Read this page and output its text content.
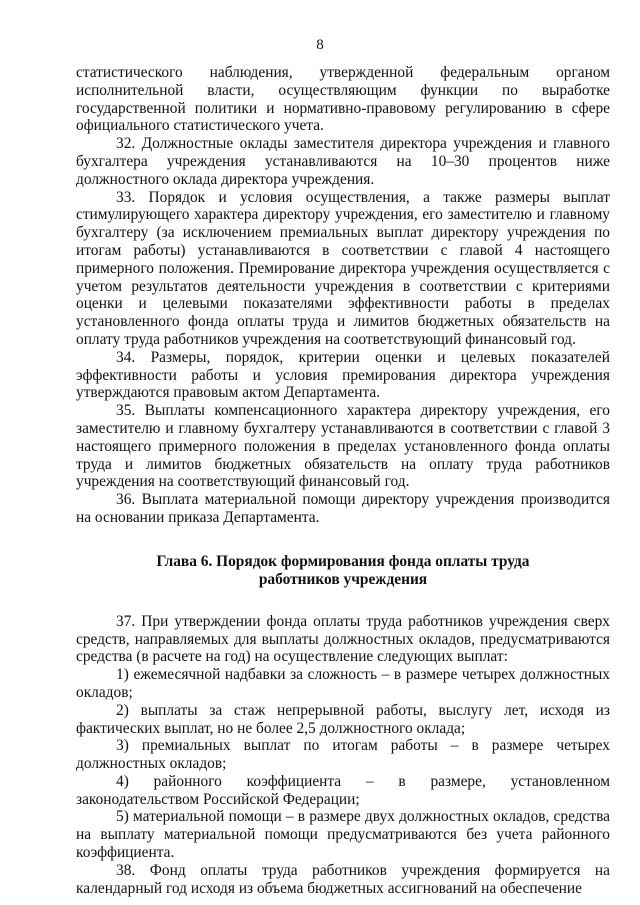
8

статистического наблюдения, утвержденной федеральным органом исполнительной власти, осуществляющим функции по выработке государственной политики и нормативно-правовому регулированию в сфере официального статистического учета.

32. Должностные оклады заместителя директора учреждения и главного бухгалтера учреждения устанавливаются на 10–30 процентов ниже должностного оклада директора учреждения.

33. Порядок и условия осуществления, а также размеры выплат стимулирующего характера директору учреждения, его заместителю и главному бухгалтеру (за исключением премиальных выплат директору учреждения по итогам работы) устанавливаются в соответствии с главой 4 настоящего примерного положения. Премирование директора учреждения осуществляется с учетом результатов деятельности учреждения в соответствии с критериями оценки и целевыми показателями эффективности работы в пределах установленного фонда оплаты труда и лимитов бюджетных обязательств на оплату труда работников учреждения на соответствующий финансовый год.

34. Размеры, порядок, критерии оценки и целевых показателей эффективности работы и условия премирования директора учреждения утверждаются правовым актом Департамента.

35. Выплаты компенсационного характера директору учреждения, его заместителю и главному бухгалтеру устанавливаются в соответствии с главой 3 настоящего примерного положения в пределах установленного фонда оплаты труда и лимитов бюджетных обязательств на оплату труда работников учреждения на соответствующий финансовый год.

36. Выплата материальной помощи директору учреждения производится на основании приказа Департамента.

Глава 6. Порядок формирования фонда оплаты труда
работников учреждения

37. При утверждении фонда оплаты труда работников учреждения сверх средств, направляемых для выплаты должностных окладов, предусматриваются средства (в расчете на год) на осуществление следующих выплат:

1) ежемесячной надбавки за сложность – в размере четырех должностных окладов;

2) выплаты за стаж непрерывной работы, выслугу лет, исходя из фактических выплат, но не более 2,5 должностного оклада;

3) премиальных выплат по итогам работы – в размере четырех должностных окладов;

4) районного коэффициента – в размере, установленном законодательством Российской Федерации;

5) материальной помощи – в размере двух должностных окладов, средства на выплату материальной помощи предусматриваются без учета районного коэффициента.

38. Фонд оплаты труда работников учреждения формируется на календарный год исходя из объема бюджетных ассигнований на обеспечение
